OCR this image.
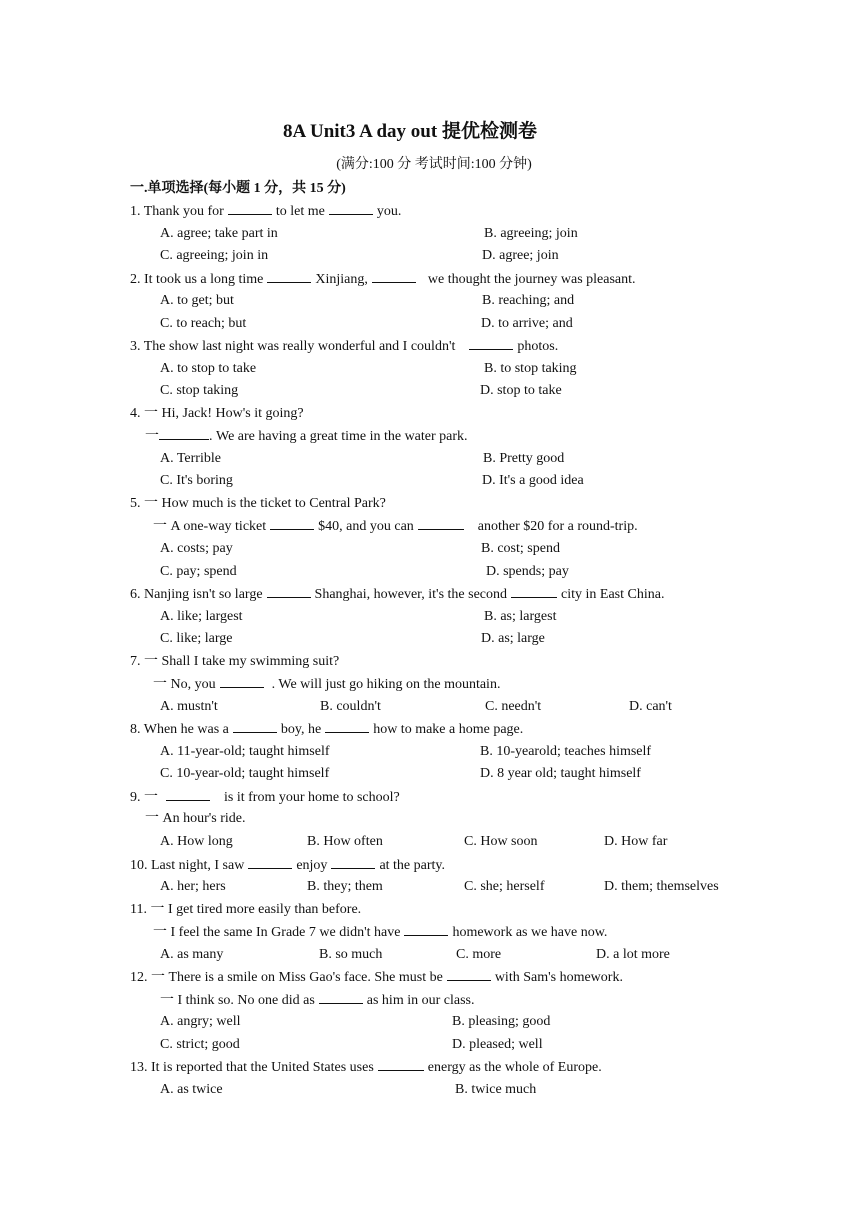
8A Unit3 A day out 提优检测卷
(满分:100 分 考试时间:100 分钟)
一.单项选择(每小题 1 分，共 15 分)
1. Thank you for	to let me	you.
A. agree; take part in	B. agreeing; join
C. agreeing; join in	D. agree; join
2. It took us a long time	Xinjiang,	we thought the journey was pleasant.
A. to get; but	B. reaching; and
C. to reach; but	D. to arrive; and
3. The show last night was really wonderful and I couldn't	photos.
A. to stop to take	B. to stop taking
C. stop taking	D. stop to take
4. 一 Hi, Jack! How's it going?
一	. We are having a great time in the water park.
A. Terrible	B. Pretty good
C. It's boring	D. It's a good idea
5. 一 How much is the ticket to Central Park?
一 A one-way ticket	$40, and you can	another $20 for a round-trip.
A. costs; pay	B. cost; spend
C. pay; spend	D. spends; pay
6. Nanjing isn't so large	Shanghai, however, it's the second	city in East China.
A. like; largest	B. as; largest
C. like; large	D. as; large
7. 一 Shall I take my swimming suit?
一 No, you	. We will just go hiking on the mountain.
A. mustn't	B. couldn't	C. needn't	D. can't
8. When he was a	boy, he	how to make a home page.
A. 11-year-old; taught himself	B. 10-yearold; teaches himself
C. 10-year-old; taught himself	D. 8 year old; taught himself
9. 一	is it from your home to school?
一 An hour's ride.
A. How long	B. How often	C. How soon	D. How far
10. Last night, I saw	enjoy	at the party.
A. her; hers	B. they; them	C. she; herself	D. them; themselves
11. 一 I get tired more easily than before.
一 I feel the same In Grade 7 we didn't have	homework as we have now.
A. as many	B. so much	C. more	D. a lot more
12. 一 There is a smile on Miss Gao's face. She must be	with Sam's homework.
一 I think so. No one did as	as him in our class.
A. angry; well	B. pleasing; good
C. strict; good	D. pleased; well
13. It is reported that the United States uses	energy as the whole of Europe.
A. as twice	B. twice much
